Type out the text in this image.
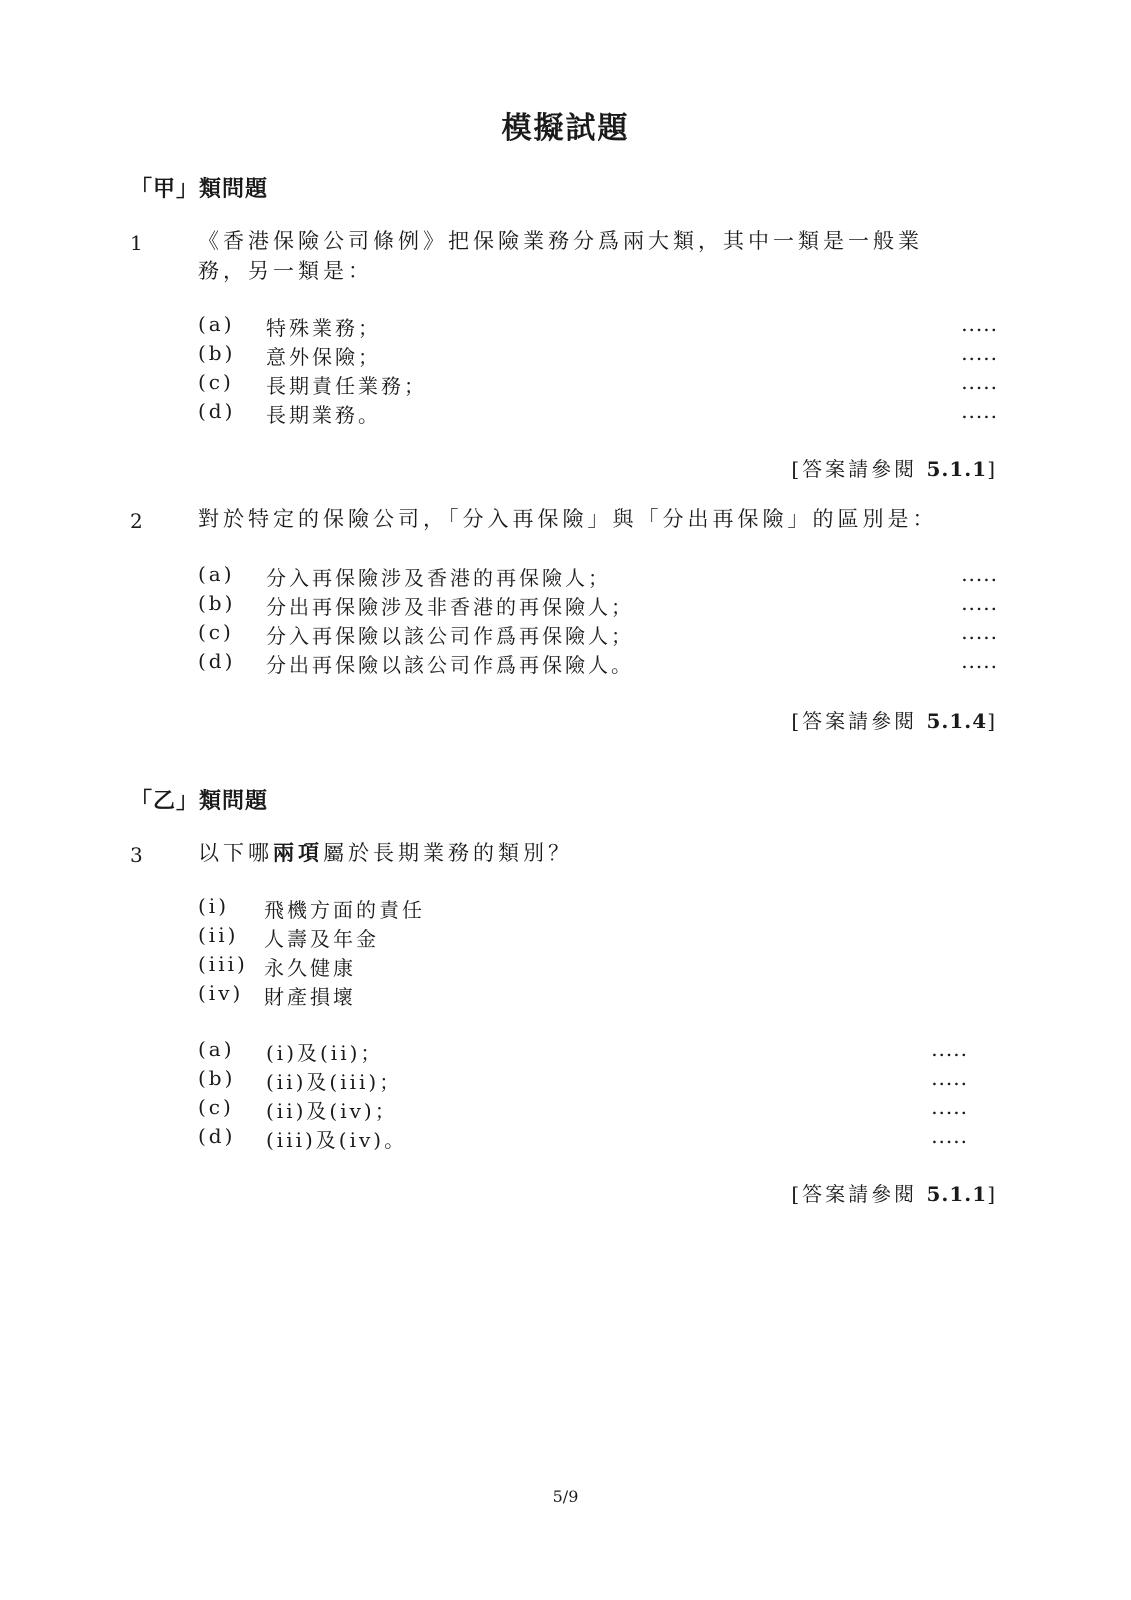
模擬試題
「甲」類問題
1	《香港保險公司條例》把保險業務分爲兩大類，其中一類是一般業
務，另一類是：
(a) 特殊業務；	.....
(b) 意外保險；	.....
(c) 長期責任業務；	.....
(d) 長期業務。	.....
[答案請參閱 5.1.1]
2	對於特定的保險公司，「分入再保險」與「分出再保險」的區別是：
(a) 分入再保險涉及香港的再保險人；	.....
(b) 分出再保險涉及非香港的再保險人；	.....
(c) 分入再保險以該公司作爲再保險人；	.....
(d) 分出再保險以該公司作爲再保險人。	.....
[答案請參閱 5.1.4]
「乙」類問題
3	以下哪兩項屬於長期業務的類別？
(i) 飛機方面的責任
(ii) 人壽及年金
(iii) 永久健康
(iv) 財產損壞
(a) (i)及(ii)；	.....
(b) (ii)及(iii)；	.....
(c) (ii)及(iv)；	.....
(d) (iii)及(iv)。	.....
[答案請參閱 5.1.1]
5/9
